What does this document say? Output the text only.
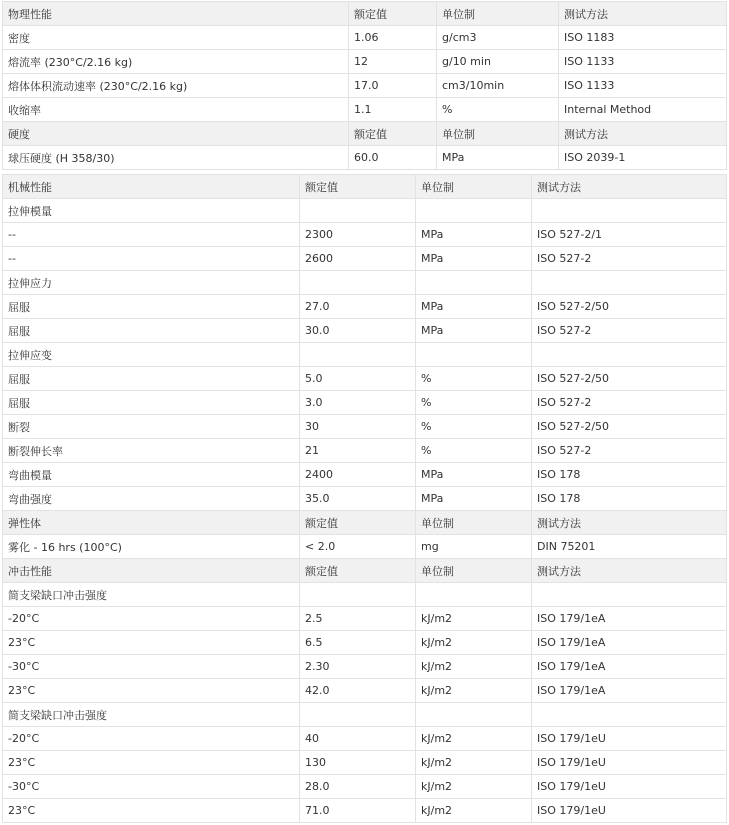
物理性能	额定值	单位制	测试方法
密度	1.06	g/cm3	ISO 1183
熔流率 (230°C/2.16 kg)	12	g/10 min	ISO 1133
熔体体积流动速率 (230°C/2.16 kg)	17.0	cm3/10min	ISO 1133
收缩率	1.1	%	Internal Method
硬度	额定值	单位制	测试方法
球压硬度 (H 358/30)	60.0	MPa	ISO 2039-1
机械性能	额定值	单位制	测试方法
拉伸模量			
--	2300	MPa	ISO 527-2/1
--	2600	MPa	ISO 527-2
拉伸应力			
屈服	27.0	MPa	ISO 527-2/50
屈服	30.0	MPa	ISO 527-2
拉伸应变			
屈服	5.0	%	ISO 527-2/50
屈服	3.0	%	ISO 527-2
断裂	30	%	ISO 527-2/50
断裂伸长率	21	%	ISO 527-2
弯曲模量	2400	MPa	ISO 178
弯曲强度	35.0	MPa	ISO 178
弹性体	额定值	单位制	测试方法
雾化 - 16 hrs (100°C)	< 2.0	mg	DIN 75201
冲击性能	额定值	单位制	测试方法
简支梁缺口冲击强度			
-20°C	2.5	kJ/m2	ISO 179/1eA
23°C	6.5	kJ/m2	ISO 179/1eA
-30°C	2.30	kJ/m2	ISO 179/1eA
23°C	42.0	kJ/m2	ISO 179/1eA
简支梁缺口冲击强度			
-20°C	40	kJ/m2	ISO 179/1eU
23°C	130	kJ/m2	ISO 179/1eU
-30°C	28.0	kJ/m2	ISO 179/1eU
23°C	71.0	kJ/m2	ISO 179/1eU
